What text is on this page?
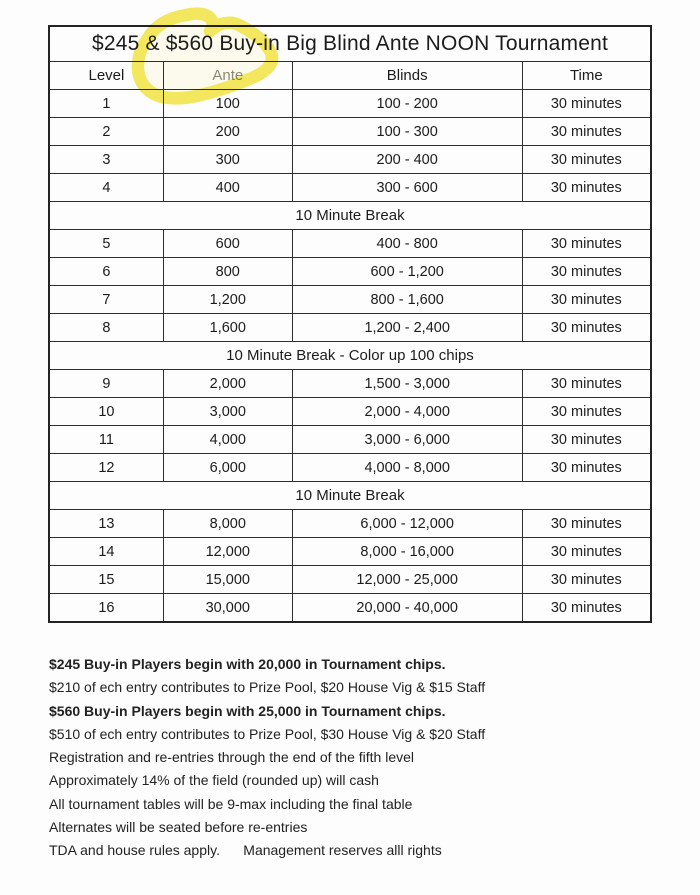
$245 & $560 Buy-in Big Blind Ante NOON Tournament			
Level	Ante	Blinds	Time
1	100	100 - 200	30 minutes
2	200	100 - 300	30 minutes
3	300	200 - 400	30 minutes
4	400	300 - 600	30 minutes
10 Minute Break			
5	600	400 - 800	30 minutes
6	800	600 - 1,200	30 minutes
7	1,200	800 - 1,600	30 minutes
8	1,600	1,200 - 2,400	30 minutes
10 Minute Break - Color up 100 chips			
9	2,000	1,500 - 3,000	30 minutes
10	3,000	2,000 - 4,000	30 minutes
11	4,000	3,000 - 6,000	30 minutes
12	6,000	4,000 - 8,000	30 minutes
10 Minute Break			
13	8,000	6,000 - 12,000	30 minutes
14	12,000	8,000 - 16,000	30 minutes
15	15,000	12,000 - 25,000	30 minutes
16	30,000	20,000 - 40,000	30 minutes
$245 Buy-in Players begin with 20,000 in Tournament chips.
$210 of ech entry contributes to Prize Pool, $20 House Vig & $15 Staff
$560 Buy-in Players begin with 25,000 in Tournament chips.
$510 of ech entry contributes to Prize Pool, $30 House Vig & $20 Staff
Registration and re-entries through the end of the fifth level
Approximately 14% of the field (rounded up) will cash
All tournament tables will be 9-max including the final table
Alternates will be seated before re-entries
TDA and house rules apply.      Management reserves alll rights
